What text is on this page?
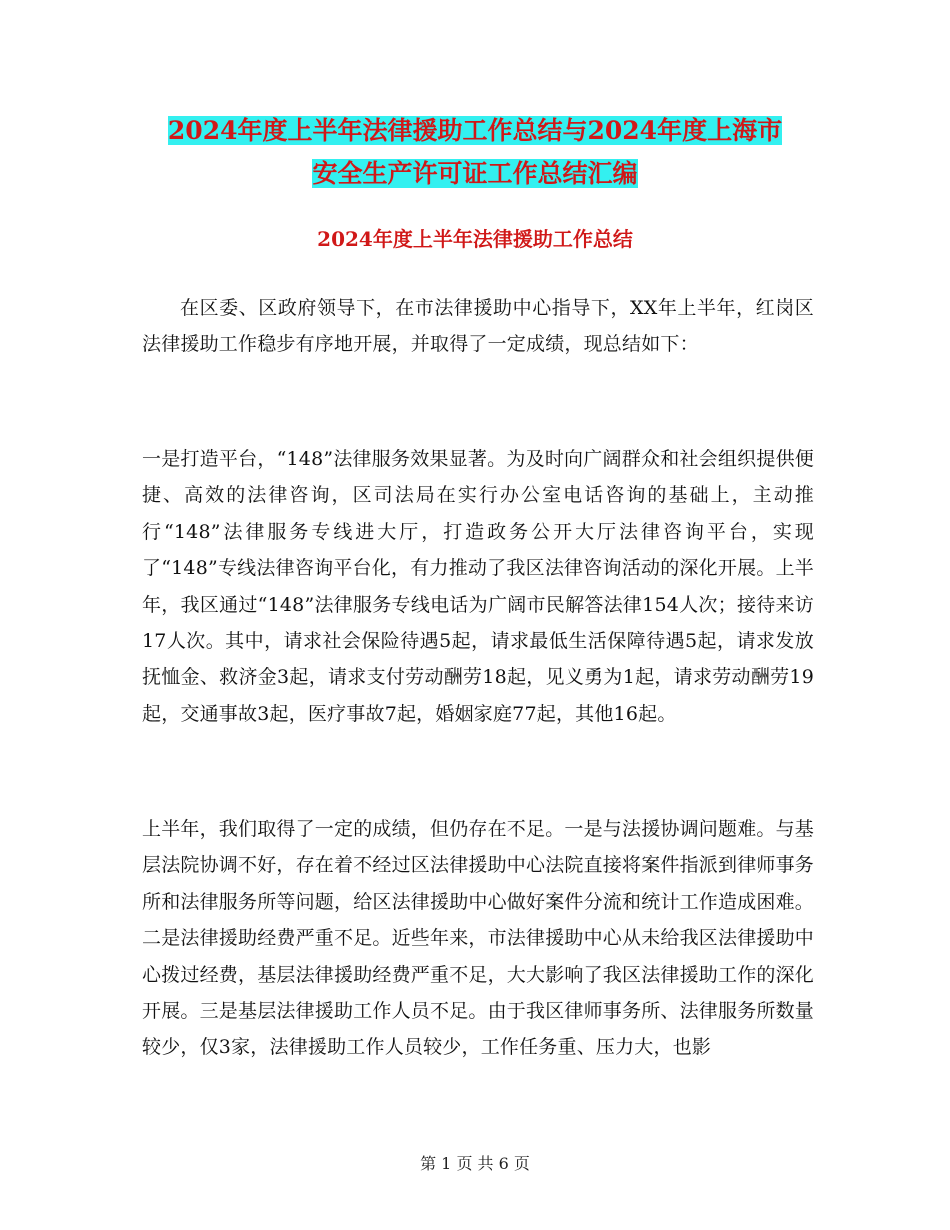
2024年度上半年法律援助工作总结与2024年度上海市
安全生产许可证工作总结汇编
2024年度上半年法律援助工作总结

在区委、区政府领导下，在市法律援助中心指导下，XX年上半年，红岗区法律援助工作稳步有序地开展，并取得了一定成绩，现总结如下：

一是打造平台，“148”法律服务效果显著。为及时向广阔群众和社会组织提供便捷、高效的法律咨询，区司法局在实行办公室电话咨询的基础上，主动推行“148”法律服务专线进大厅，打造政务公开大厅法律咨询平台，实现了“148”专线法律咨询平台化，有力推动了我区法律咨询活动的深化开展。上半年，我区通过“148”法律服务专线电话为广阔市民解答法律154人次；接待来访17人次。其中，请求社会保险待遇5起，请求最低生活保障待遇5起，请求发放抚恤金、救济金3起，请求支付劳动酬劳18起，见义勇为1起，请求劳动酬劳19起，交通事故3起，医疗事故7起，婚姻家庭77起，其他16起。

上半年，我们取得了一定的成绩，但仍存在不足。一是与法援协调问题难。与基层法院协调不好，存在着不经过区法律援助中心法院直接将案件指派到律师事务所和法律服务所等问题，给区法律援助中心做好案件分流和统计工作造成困难。二是法律援助经费严重不足。近些年来，市法律援助中心从未给我区法律援助中心拨过经费，基层法律援助经费严重不足，大大影响了我区法律援助工作的深化开展。三是基层法律援助工作人员不足。由于我区律师事务所、法律服务所数量较少，仅3家，法律援助工作人员较少，工作任务重、压力大，也影

第 1 页 共 6 页
